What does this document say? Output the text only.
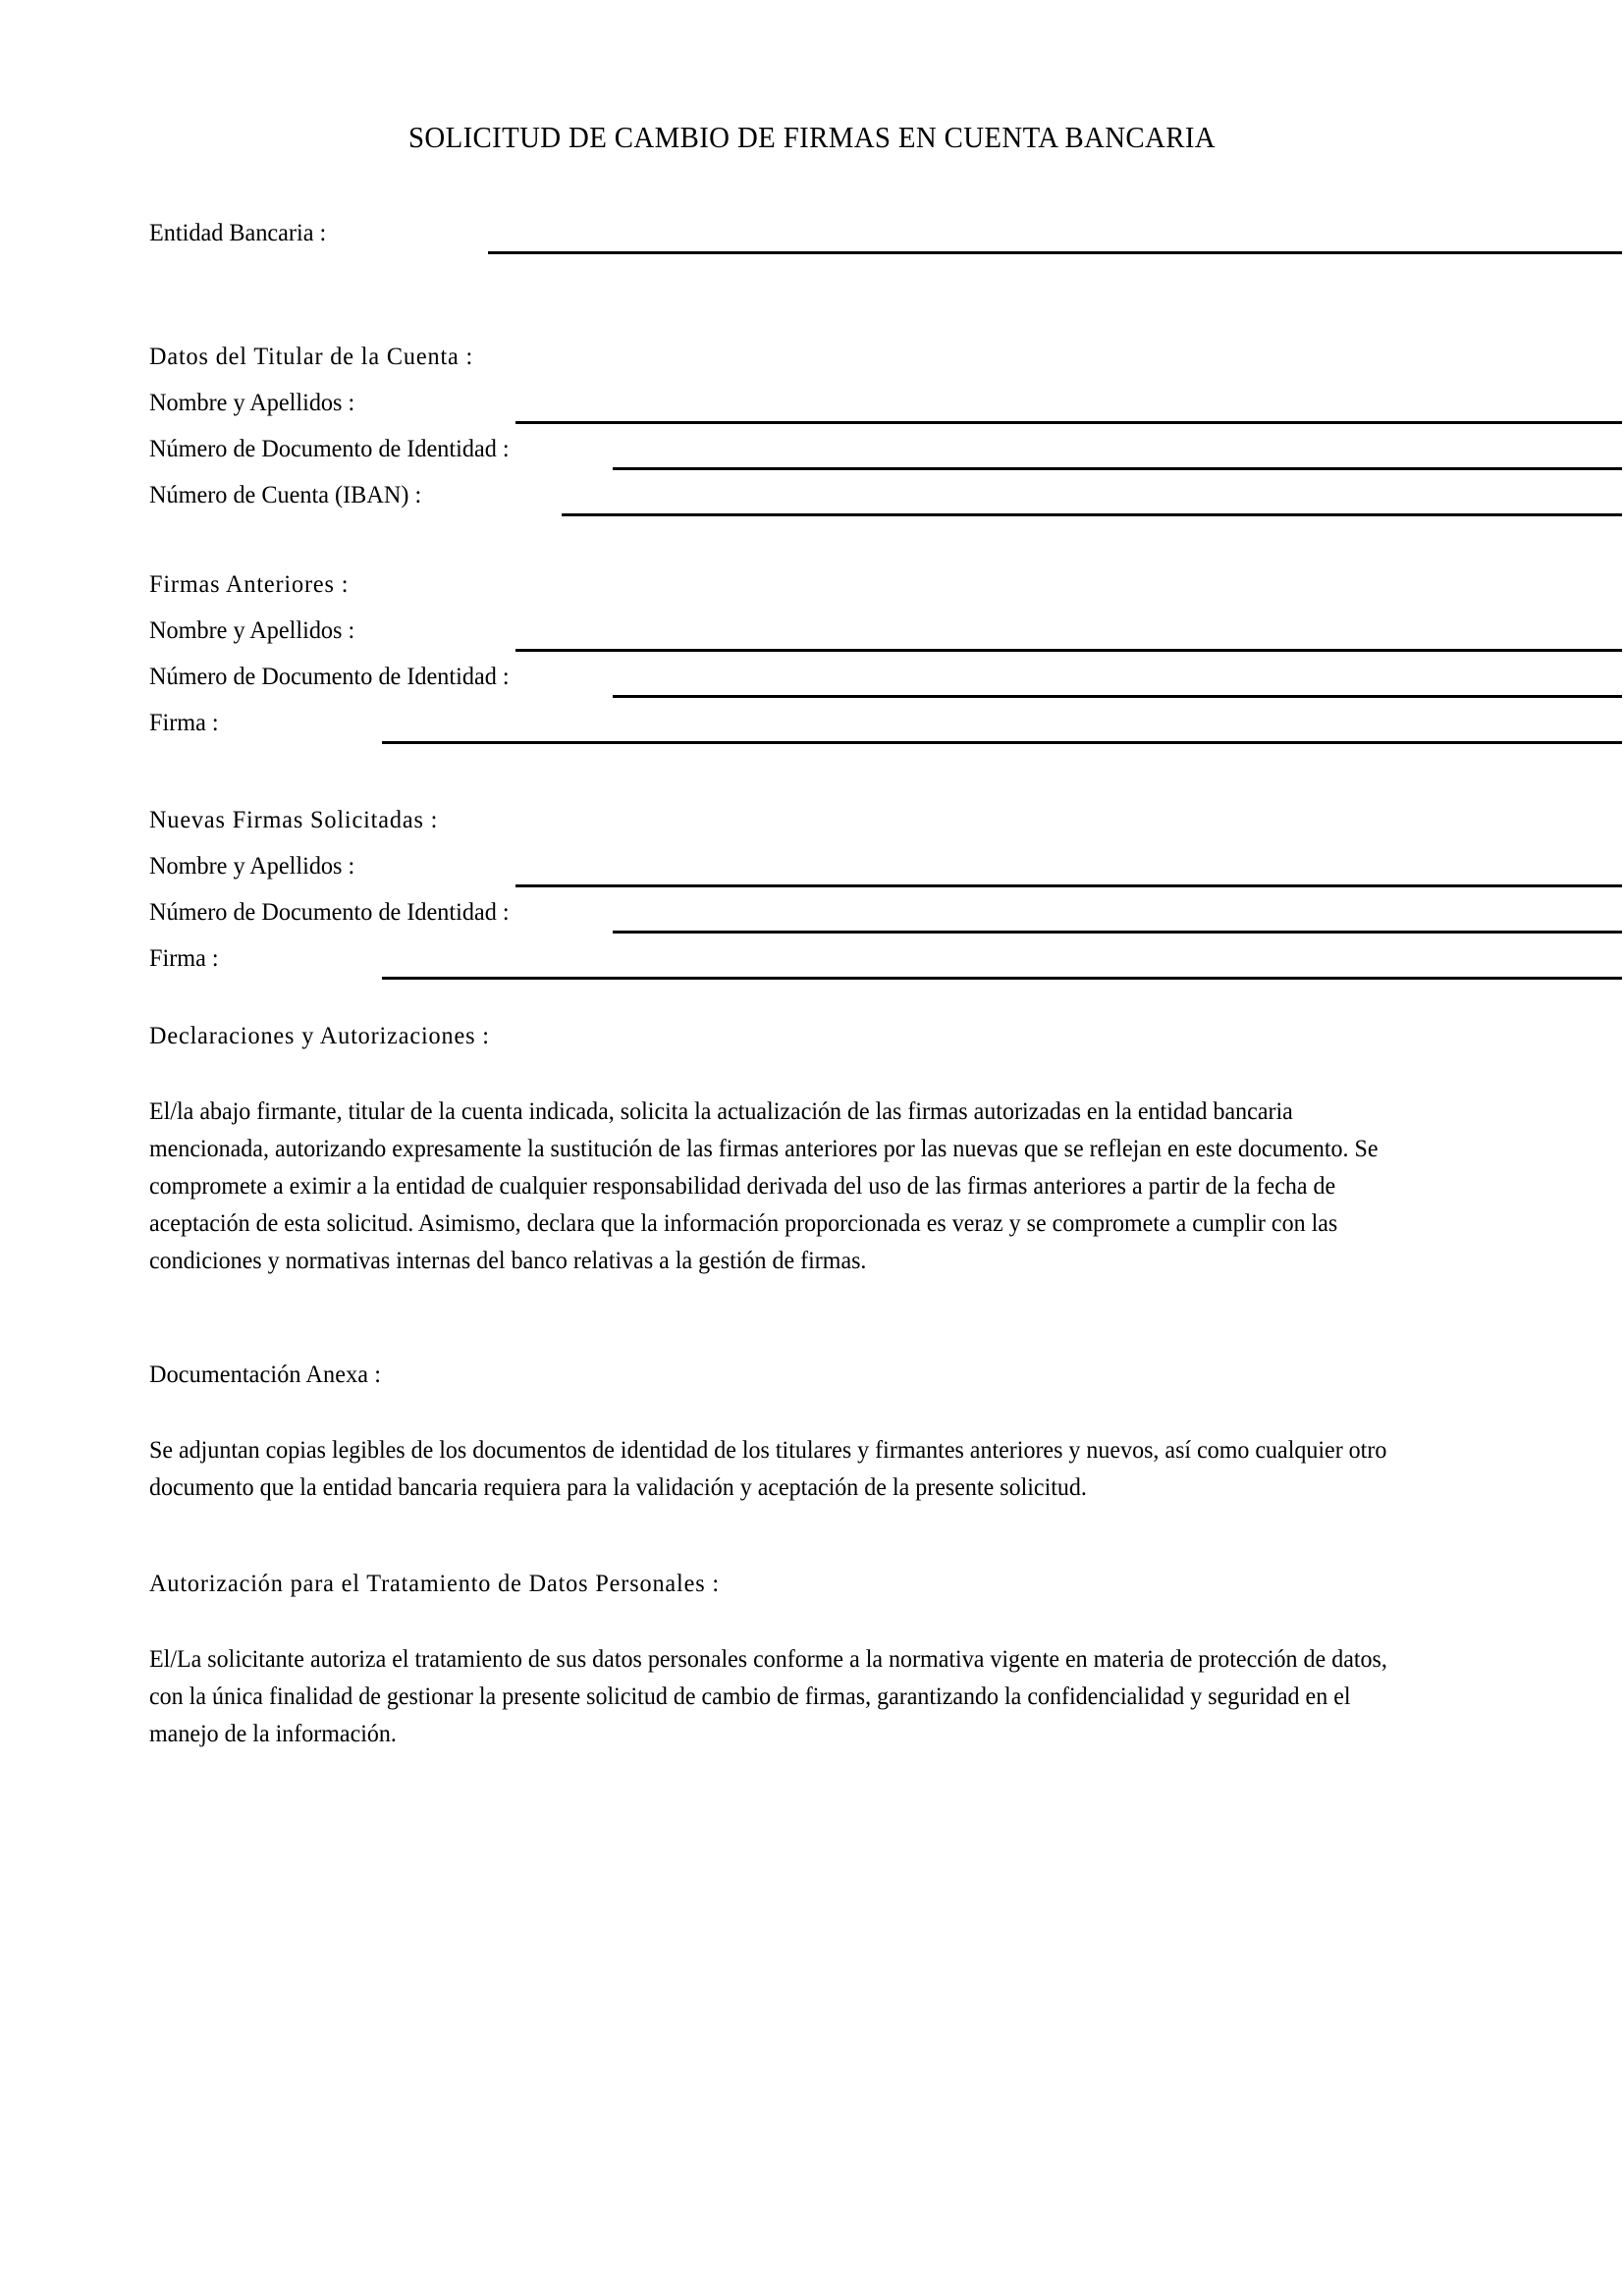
SOLICITUD DE CAMBIO DE FIRMAS EN CUENTA BANCARIA
Entidad Bancaria :
Datos del Titular de la Cuenta :
Nombre y Apellidos :
Número de Documento de Identidad :
Número de Cuenta (IBAN) :
Firmas Anteriores :
Nombre y Apellidos :
Número de Documento de Identidad :
Firma :
Nuevas Firmas Solicitadas :
Nombre y Apellidos :
Número de Documento de Identidad :
Firma :
Declaraciones y Autorizaciones :
El/la abajo firmante, titular de la cuenta indicada, solicita la actualización de las firmas autorizadas en la entidad bancaria mencionada, autorizando expresamente la sustitución de las firmas anteriores por las nuevas que se reflejan en este documento. Se compromete a eximir a la entidad de cualquier responsabilidad derivada del uso de las firmas anteriores a partir de la fecha de aceptación de esta solicitud. Asimismo, declara que la información proporcionada es veraz y se compromete a cumplir con las condiciones y normativas internas del banco relativas a la gestión de firmas.
Documentación Anexa :
Se adjuntan copias legibles de los documentos de identidad de los titulares y firmantes anteriores y nuevos, así como cualquier otro documento que la entidad bancaria requiera para la validación y aceptación de la presente solicitud.
Autorización para el Tratamiento de Datos Personales :
El/La solicitante autoriza el tratamiento de sus datos personales conforme a la normativa vigente en materia de protección de datos, con la única finalidad de gestionar la presente solicitud de cambio de firmas, garantizando la confidencialidad y seguridad en el manejo de la información.
